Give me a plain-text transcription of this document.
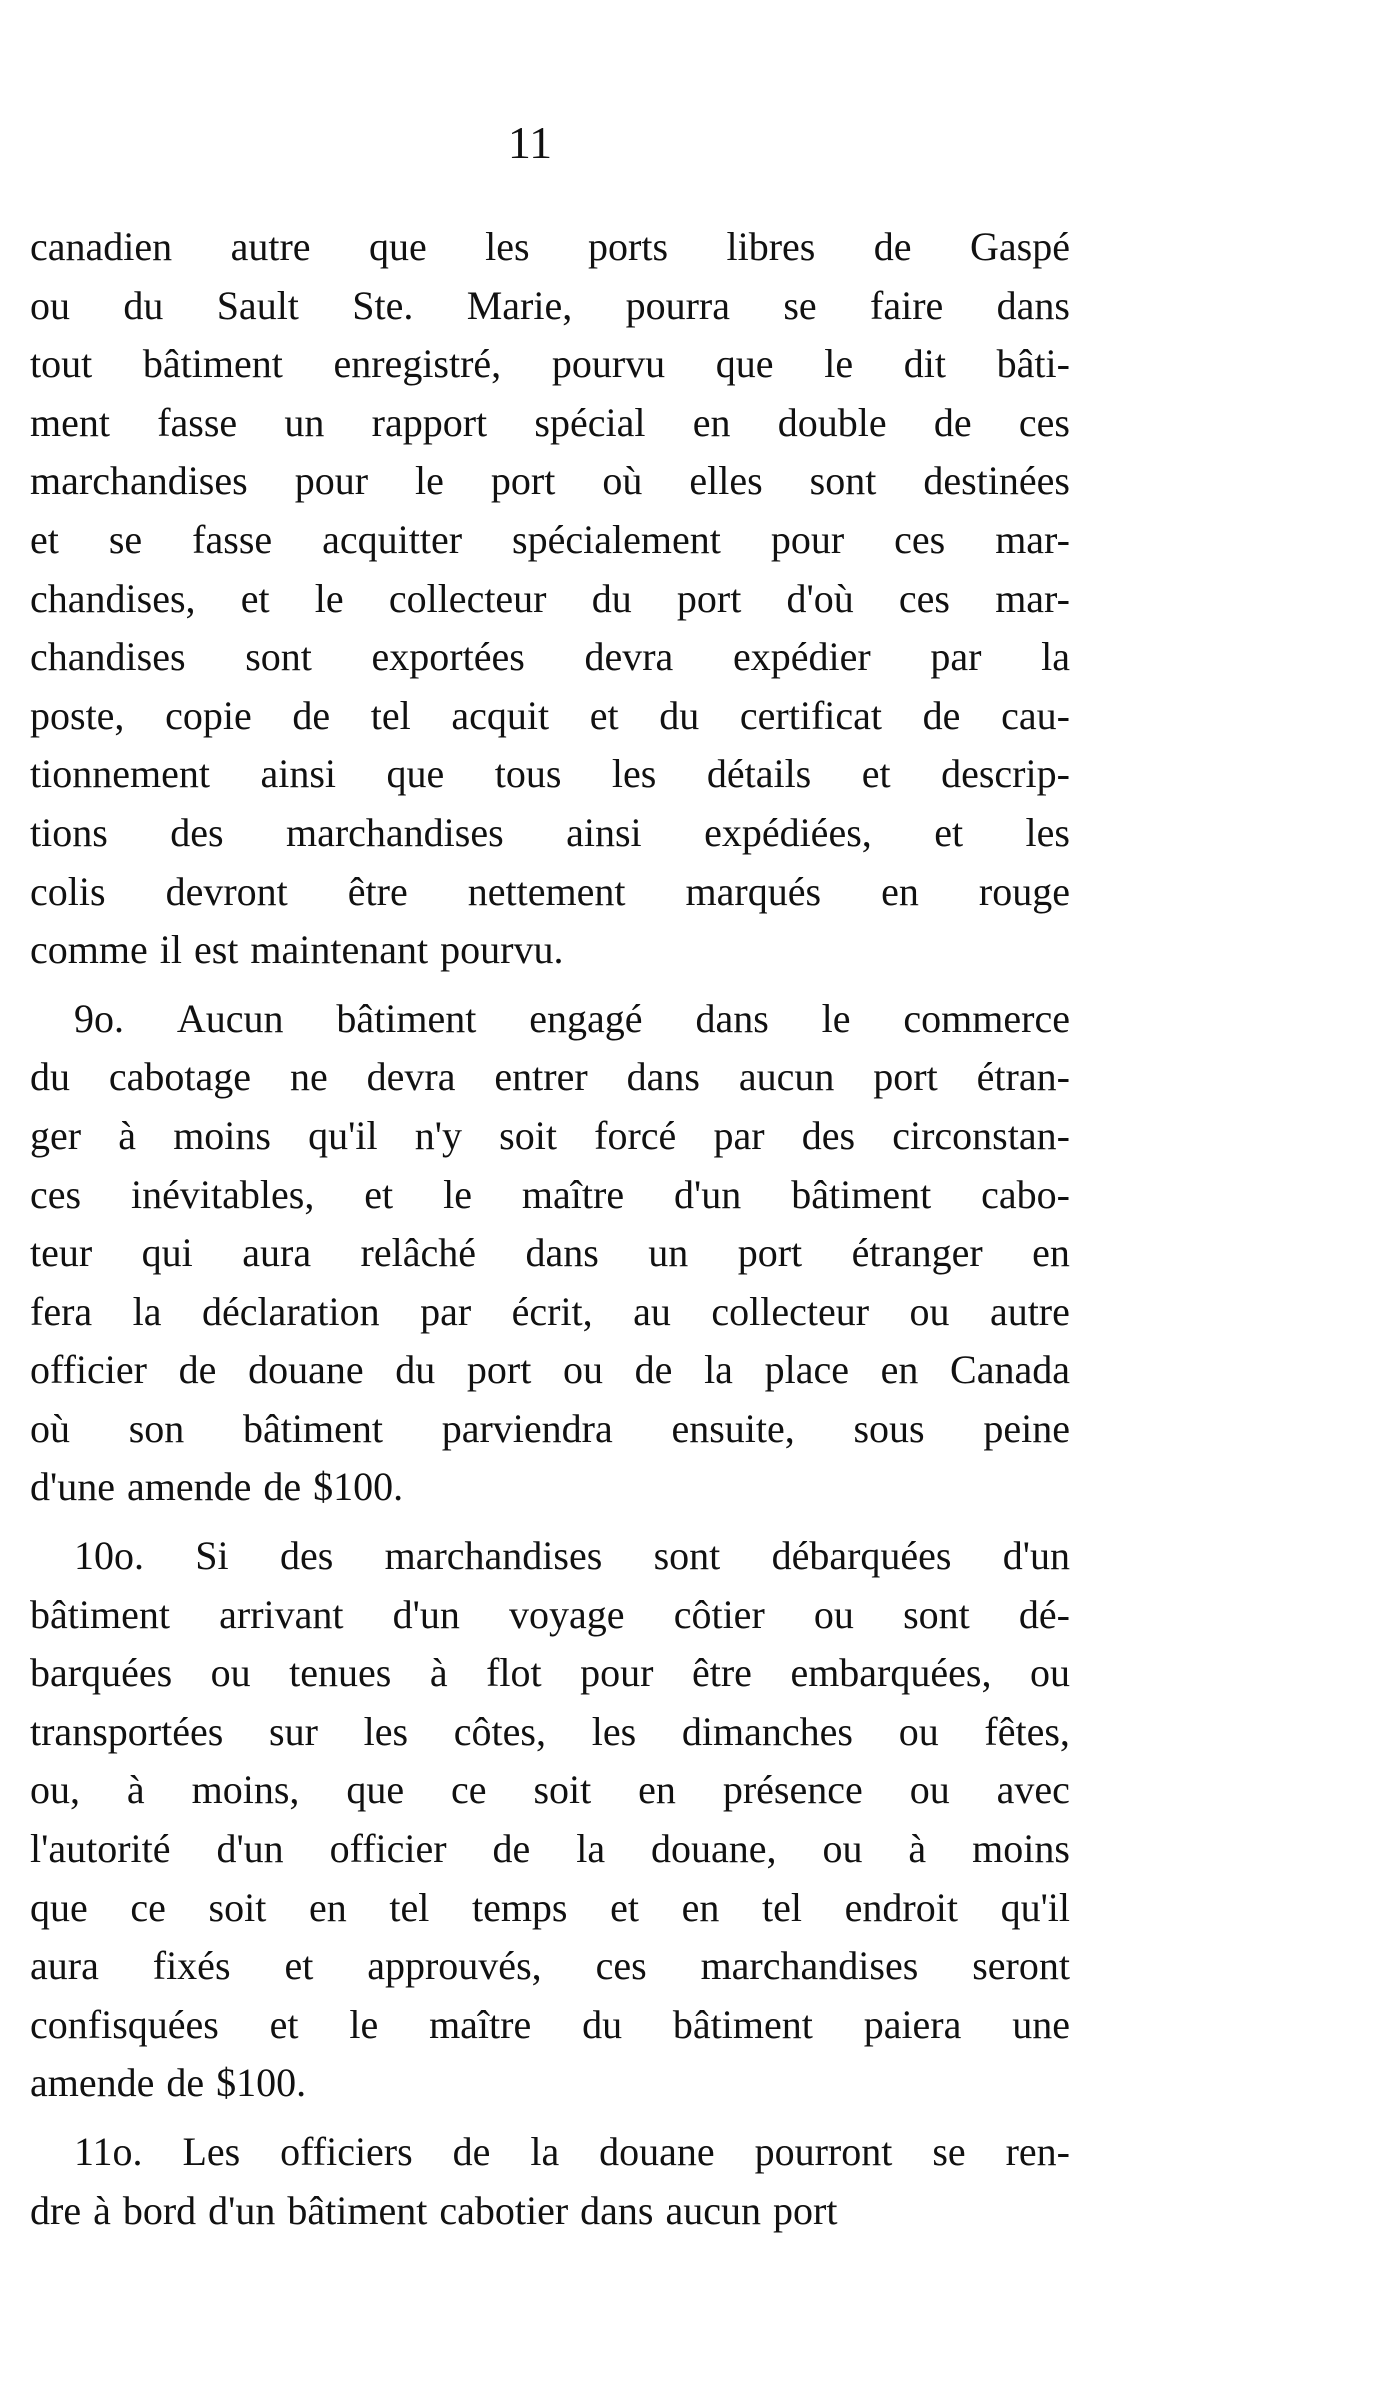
11
canadien autre que les ports libres de Gaspé
ou du Sault Ste. Marie, pourra se faire dans
tout bâtiment enregistré, pourvu que le dit bâti-
ment fasse un rapport spécial en double de ces
marchandises pour le port où elles sont destinées
et se fasse acquitter spécialement pour ces mar-
chandises, et le collecteur du port d'où ces mar-
chandises sont exportées devra expédier par la
poste, copie de tel acquit et du certificat de cau-
tionnement ainsi que tous les détails et descrip-
tions des marchandises ainsi expédiées, et les
colis devront être nettement marqués en rouge
comme il est maintenant pourvu.
9o. Aucun bâtiment engagé dans le commerce
du cabotage ne devra entrer dans aucun port étran-
ger à moins qu'il n'y soit forcé par des circonstan-
ces inévitables, et le maître d'un bâtiment cabo-
teur qui aura relâché dans un port étranger en
fera la déclaration par écrit, au collecteur ou autre
officier de douane du port ou de la place en Canada
où son bâtiment parviendra ensuite, sous peine
d'une amende de $100.
10o. Si des marchandises sont débarquées d'un
bâtiment arrivant d'un voyage côtier ou sont dé-
barquées ou tenues à flot pour être embarquées, ou
transportées sur les côtes, les dimanches ou fêtes,
ou, à moins, que ce soit en présence ou avec
l'autorité d'un officier de la douane, ou à moins
que ce soit en tel temps et en tel endroit qu'il
aura fixés et approuvés, ces marchandises seront
confisquées et le maître du bâtiment paiera une
amende de $100.
11o. Les officiers de la douane pourront se ren-
dre à bord d'un bâtiment cabotier dans aucun port
